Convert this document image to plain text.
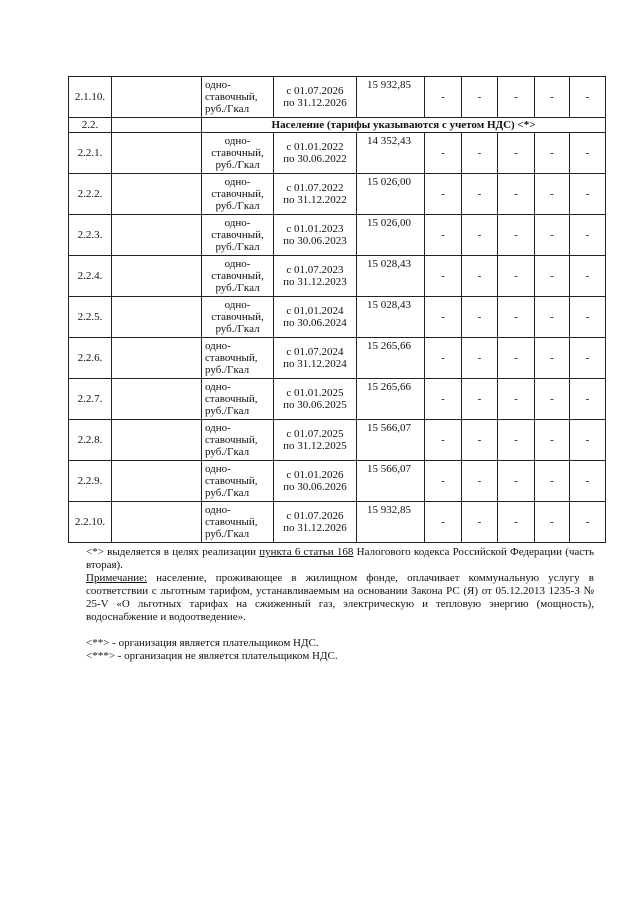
2.1.10.		одно-ставочный, руб./Гкал	с 01.07.2026
по 31.12.2026	15 932,85	-	-	-	-	-
2.2.		Население (тарифы указываются с учетом НДС) <*>							
2.2.1.		одно-ставочный, руб./Гкал	с 01.01.2022
по 30.06.2022	14 352,43	-	-	-	-	-
2.2.2.		одно-ставочный, руб./Гкал	с 01.07.2022
по 31.12.2022	15 026,00	-	-	-	-	-
2.2.3.		одно-ставочный, руб./Гкал	с 01.01.2023
по 30.06.2023	15 026,00	-	-	-	-	-
2.2.4.		одно-ставочный, руб./Гкал	с 01.07.2023
по 31.12.2023	15 028,43	-	-	-	-	-
2.2.5.		одно-ставочный, руб./Гкал	с 01.01.2024
по 30.06.2024	15 028,43	-	-	-	-	-
2.2.6.		одно-ставочный, руб./Гкал	с 01.07.2024
по 31.12.2024	15 265,66	-	-	-	-	-
2.2.7.		одно-ставочный, руб./Гкал	с 01.01.2025
по 30.06.2025	15 265,66	-	-	-	-	-
2.2.8.		одно-ставочный, руб./Гкал	с 01.07.2025
по 31.12.2025	15 566,07	-	-	-	-	-
2.2.9.		одно-ставочный, руб./Гкал	с 01.01.2026
по 30.06.2026	15 566,07	-	-	-	-	-
2.2.10.		одно-ставочный, руб./Гкал	с 01.07.2026
по 31.12.2026	15 932,85	-	-	-	-	-

<*> выделяется в целях реализации пункта 6 статьи 168 Налогового кодекса Российской Федерации (часть вторая).

Примечание: население, проживающее в жилищном фонде, оплачивает коммунальную услугу в соответствии с льготным тарифом, устанавливаемым на основании Закона РС (Я) от 05.12.2013 1235-З № 25-V «О льготных тарифах на сжиженный газ, электрическую и тепловую энергию (мощность), водоснабжение и водоотведение».

<**> - организация является плательщиком НДС.

<***> - организация не является плательщиком НДС.
